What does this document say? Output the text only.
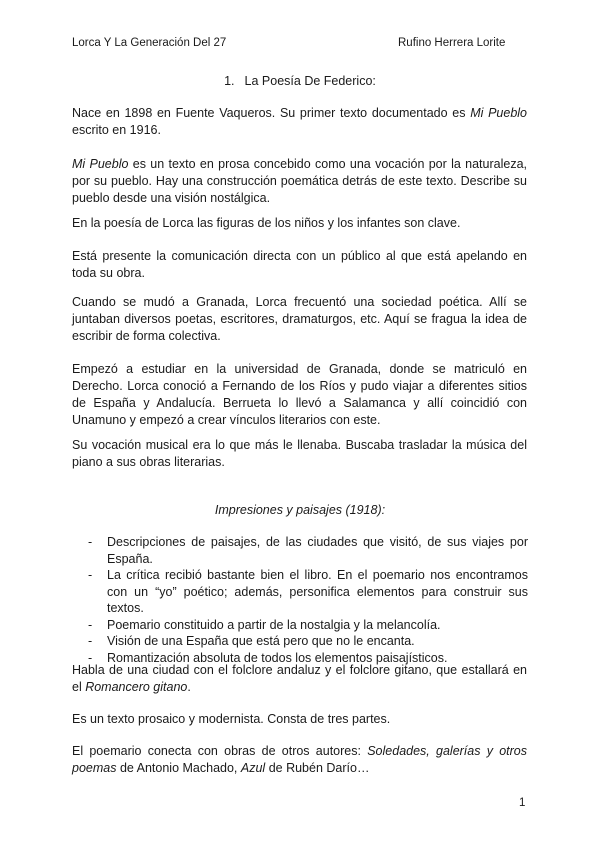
Lorca Y La Generación Del 27	Rufino Herrera Lorite
1. La Poesía De Federico:
Nace en 1898 en Fuente Vaqueros. Su primer texto documentado es Mi Pueblo escrito en 1916.
Mi Pueblo es un texto en prosa concebido como una vocación por la naturaleza, por su pueblo. Hay una construcción poemática detrás de este texto. Describe su pueblo desde una visión nostálgica.
En la poesía de Lorca las figuras de los niños y los infantes son clave.
Está presente la comunicación directa con un público al que está apelando en toda su obra.
Cuando se mudó a Granada, Lorca frecuentó una sociedad poética. Allí se juntaban diversos poetas, escritores, dramaturgos, etc. Aquí se fragua la idea de escribir de forma colectiva.
Empezó a estudiar en la universidad de Granada, donde se matriculó en Derecho. Lorca conoció a Fernando de los Ríos y pudo viajar a diferentes sitios de España y Andalucía. Berrueta lo llevó a Salamanca y allí coincidió con Unamuno y empezó a crear vínculos literarios con este.
Su vocación musical era lo que más le llenaba. Buscaba trasladar la música del piano a sus obras literarias.
Impresiones y paisajes (1918):
- Descripciones de paisajes, de las ciudades que visitó, de sus viajes por España.
- La crítica recibió bastante bien el libro. En el poemario nos encontramos con un “yo” poético; además, personifica elementos para construir sus textos.
- Poemario constituido a partir de la nostalgia y la melancolía.
- Visión de una España que está pero que no le encanta.
- Romantización absoluta de todos los elementos paisajísticos.
Habla de una ciudad con el folclore andaluz y el folclore gitano, que estallará en el Romancero gitano.
Es un texto prosaico y modernista. Consta de tres partes.
El poemario conecta con obras de otros autores: Soledades, galerías y otros poemas de Antonio Machado, Azul de Rubén Darío…
1
